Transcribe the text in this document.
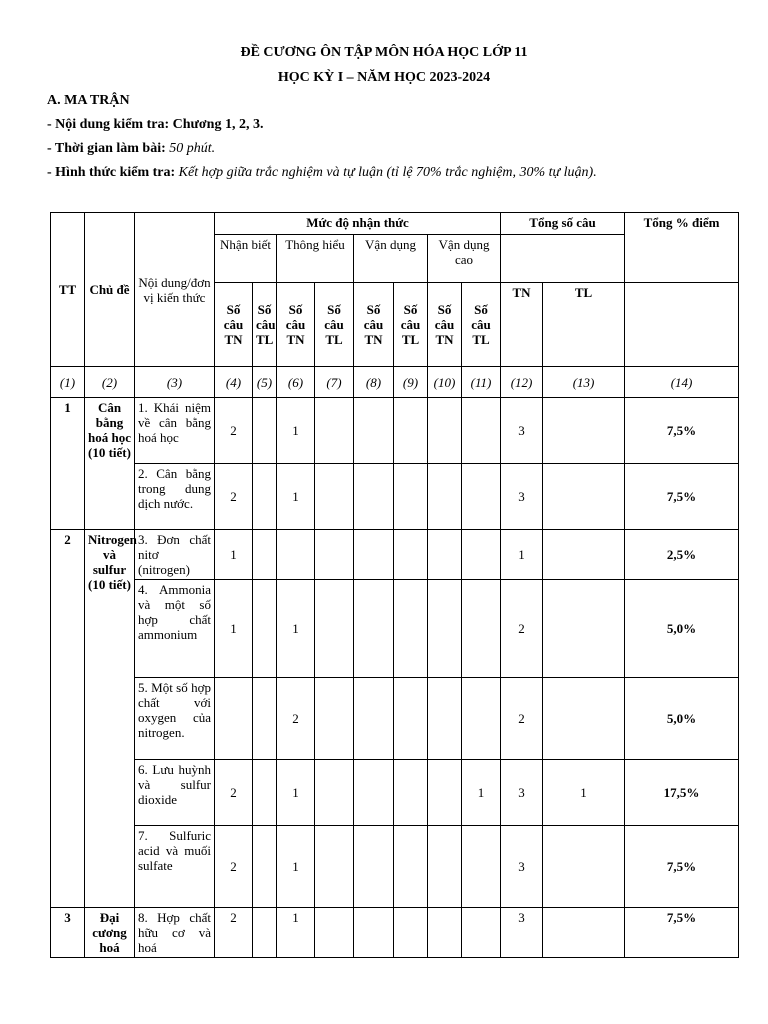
ĐỀ CƯƠNG ÔN TẬP MÔN HÓA HỌC LỚP 11
HỌC KỲ I – NĂM HỌC 2023-2024
A. MA TRẬN
- Nội dung kiểm tra: Chương 1, 2, 3.
- Thời gian làm bài: 50 phút.
- Hình thức kiểm tra: Kết hợp giữa trắc nghiệm và tự luận (tỉ lệ 70% trắc nghiệm, 30% tự luận).
TT	Chủ đề	Nội dung/đơn vị kiến thức	Mức độ nhận thức								Tổng số câu		Tổng % điểm
			Nhận biết		Thông hiểu		Vận dụng		Vận dụng cao				
			Số câu TN	Số câu TL	Số câu TN	Số câu TL	Số câu TN	Số câu TL	Số câu TN	Số câu TL	TN	TL	
(1)	(2)	(3)	(4)	(5)	(6)	(7)	(8)	(9)	(10)	(11)	(12)	(13)	(14)
1	Cân bằng hoá học (10 tiết)	1. Khái niệm về cân bằng hoá học	2		1						3		7,5%
		2. Cân bằng trong dung dịch nước.	2		1						3		7,5%
2	Nitrogen và sulfur (10 tiết)	3. Đơn chất nitơ (nitrogen)	1								1		2,5%
		4. Ammonia và một số hợp chất ammonium	1		1						2		5,0%
		5. Một số hợp chất với oxygen của nitrogen.			2						2		5,0%
		6. Lưu huỳnh và sulfur dioxide	2		1					1	3	1	17,5%
		7. Sulfuric acid và muối sulfate	2		1						3		7,5%
3	Đại cương hoá	8. Hợp chất hữu cơ và hoá	2		1						3		7,5%
